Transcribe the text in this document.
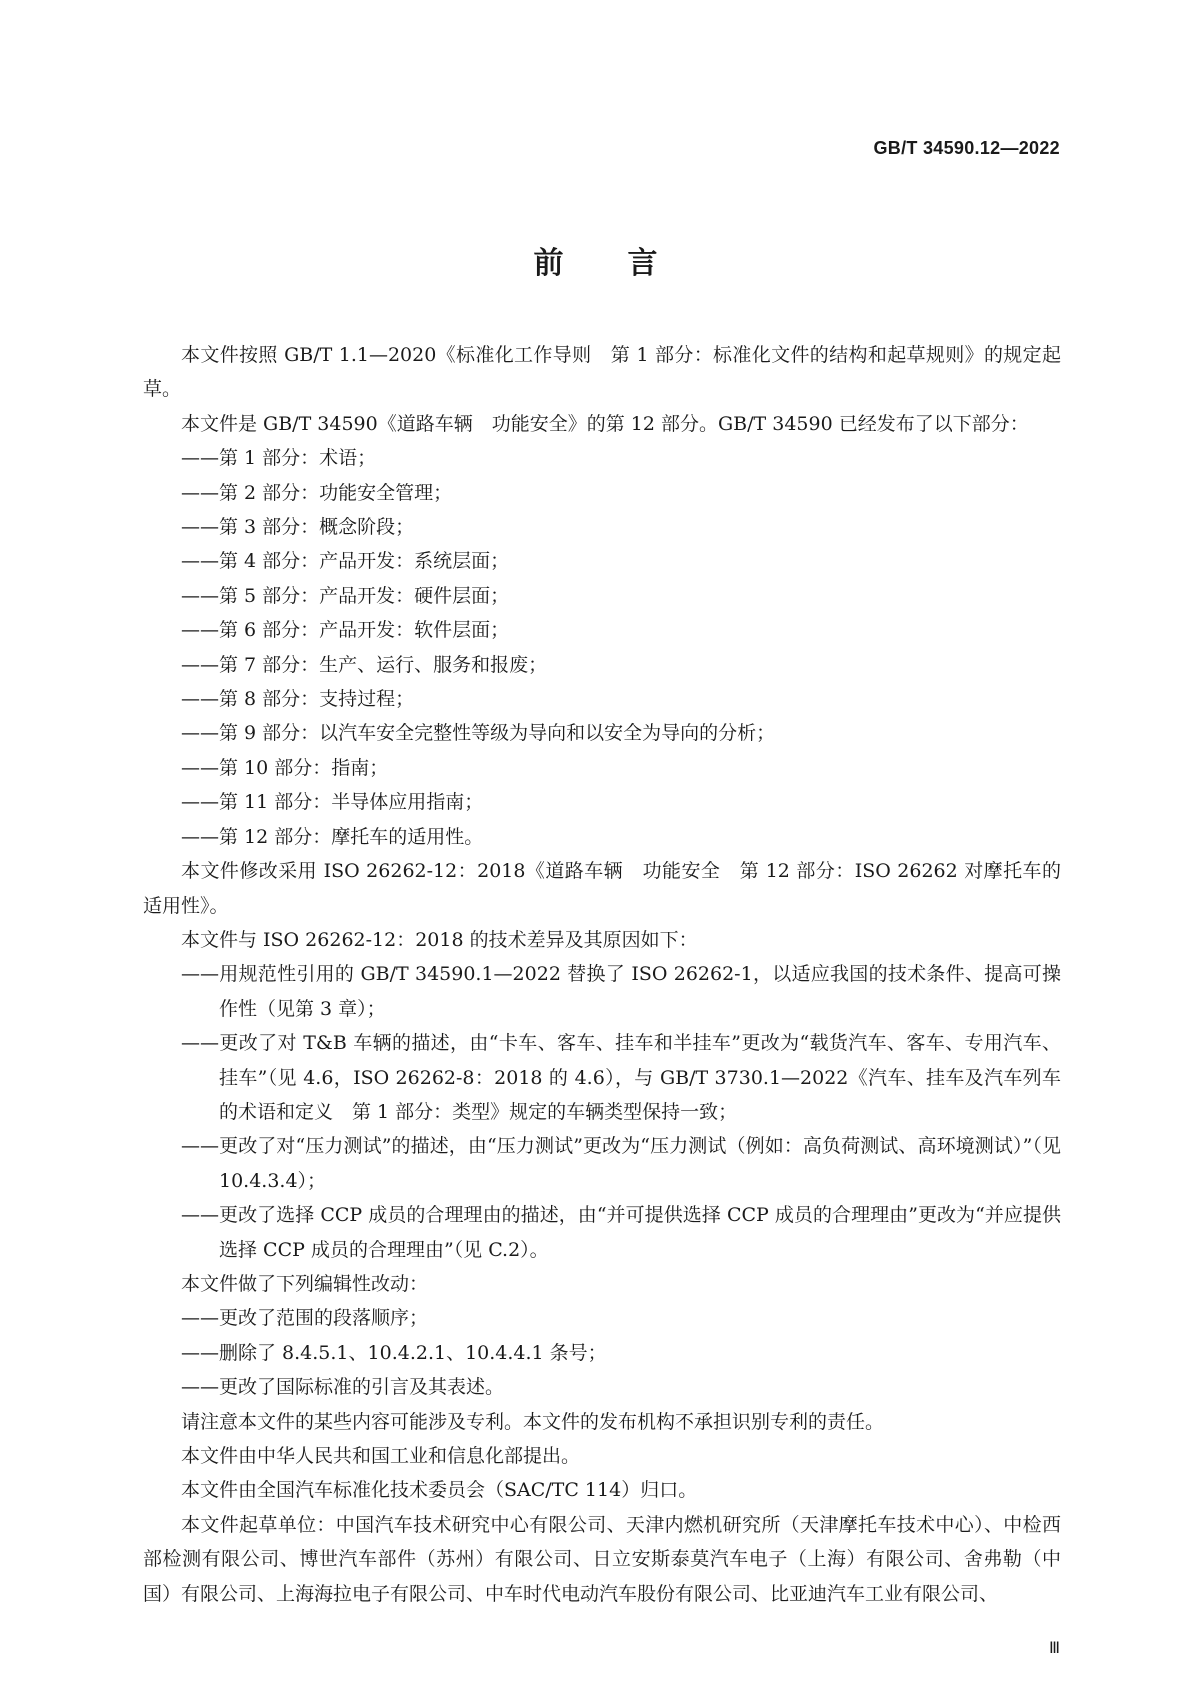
GB/T 34590.12—2022
前言

本文件按照 GB/T 1.1—2020《标准化工作导则　第 1 部分：标准化文件的结构和起草规则》的规定起草。

本文件是 GB/T 34590《道路车辆　功能安全》的第 12 部分。GB/T 34590 已经发布了以下部分：

——第 1 部分：术语；

——第 2 部分：功能安全管理；

——第 3 部分：概念阶段；

——第 4 部分：产品开发：系统层面；

——第 5 部分：产品开发：硬件层面；

——第 6 部分：产品开发：软件层面；

——第 7 部分：生产、运行、服务和报废；

——第 8 部分：支持过程；

——第 9 部分：以汽车安全完整性等级为导向和以安全为导向的分析；

——第 10 部分：指南；

——第 11 部分：半导体应用指南；

——第 12 部分：摩托车的适用性。

本文件修改采用 ISO 26262-12：2018《道路车辆　功能安全　第 12 部分：ISO 26262 对摩托车的适用性》。

本文件与 ISO 26262-12：2018 的技术差异及其原因如下：

——用规范性引用的 GB/T 34590.1—2022 替换了 ISO 26262-1，以适应我国的技术条件、提高可操作性（见第 3 章）；

——更改了对 T&B 车辆的描述，由“卡车、客车、挂车和半挂车”更改为“载货汽车、客车、专用汽车、挂车”（见 4.6，ISO 26262-8：2018 的 4.6），与 GB/T 3730.1—2022《汽车、挂车及汽车列车的术语和定义　第 1 部分：类型》规定的车辆类型保持一致；

——更改了对“压力测试”的描述，由“压力测试”更改为“压力测试（例如：高负荷测试、高环境测试）”（见 10.4.3.4）；

——更改了选择 CCP 成员的合理理由的描述，由“并可提供选择 CCP 成员的合理理由”更改为“并应提供选择 CCP 成员的合理理由”（见 C.2）。

本文件做了下列编辑性改动：

——更改了范围的段落顺序；

——删除了 8.4.5.1、10.4.2.1、10.4.4.1 条号；

——更改了国际标准的引言及其表述。

请注意本文件的某些内容可能涉及专利。本文件的发布机构不承担识别专利的责任。

本文件由中华人民共和国工业和信息化部提出。

本文件由全国汽车标准化技术委员会（SAC/TC 114）归口。

本文件起草单位：中国汽车技术研究中心有限公司、天津内燃机研究所（天津摩托车技术中心）、中检西部检测有限公司、博世汽车部件（苏州）有限公司、日立安斯泰莫汽车电子（上海）有限公司、舍弗勒（中国）有限公司、上海海拉电子有限公司、中车时代电动汽车股份有限公司、比亚迪汽车工业有限公司、

Ⅲ
